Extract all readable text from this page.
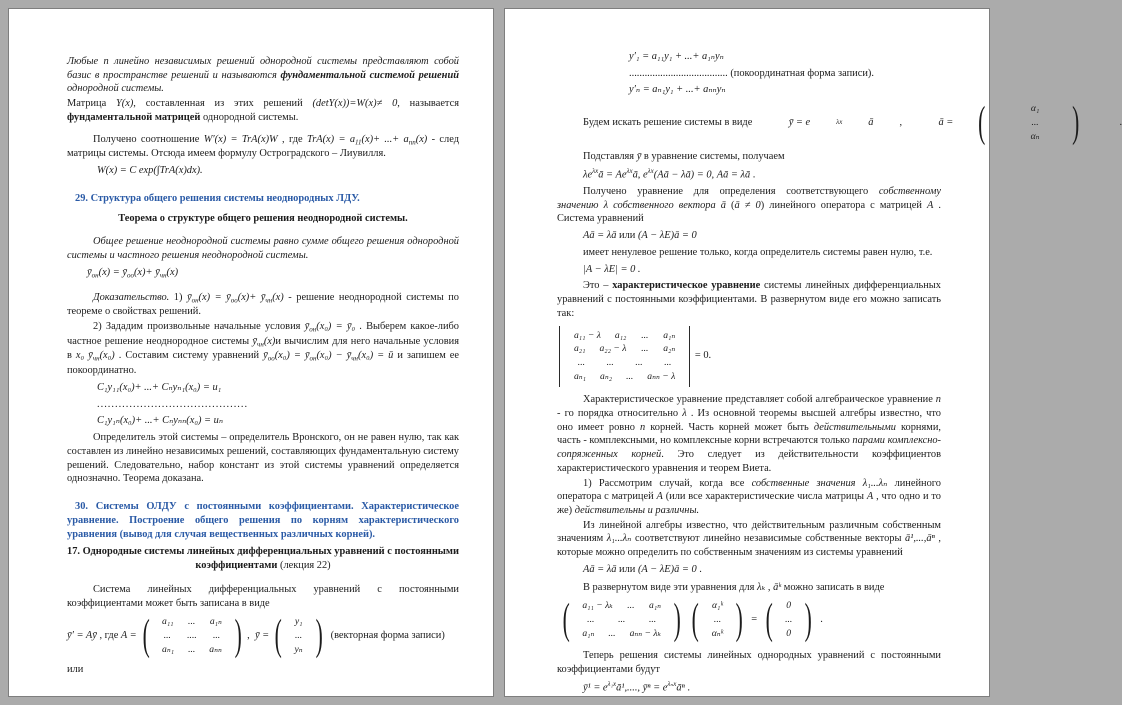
Любые n линейно независимых решений однородной системы представляют собой базис в пространстве решений и называются фундаментальной системой решений однородной системы.
Матрица Y(x), составленная из этих решений (detY(x))=W(x)≠ 0, называется фундаментальной матрицей однородной системы.
Получено соотношение W′(x) = TrA(x)W , где $TrA(x) = a_{11}(x)+$ ...+ $a_{nn}(x)$ - след матрицы системы. Отсюда имеем формулу Остроградского – Лиувилля.
W(x) = C exp(∫TrA(x)dx).
29. Структура общего решения системы неоднородных ЛДУ.
Теорема о структуре общего решения неоднородной системы.
Общее решение неоднородной системы равно сумме общего решения однородной системы и частного решения неоднородной системы.
$ȳ_{он}(x)$ = $ȳ_{оо}(x)+$ $ȳ_{чн}(x)$
Доказательство. 1) $ȳ_{он}(x)$ = $ȳ_{оо}(x)+$ $ȳ_{чн}(x)$ - решение неоднородной системы по теореме о свойствах решений.
2) Зададим произвольные начальные условия $ȳ_{он}(x_0)$ = ȳ₀ . Выберем какое-либо частное решение неоднородное системы $ȳ_{чн}(x)и$ вычислим для него начальные условия в x₀ $ȳ_{чн}(x_0)$ . Составим систему уравнений $ȳ_{оо}(x_0)$ = $ȳ_{он}(x_0)$ − $ȳ_{чн}(x_0)$ = ū и запишем ее покоординатно.
C₁y₁₁(x₀)+ ...+ Cₙyₙ₁(x₀) = u₁
..........................................
C₁y₁ₙ(x₀)+ ...+ Cₙyₙₙ(x₀) = uₙ
Определитель этой системы – определитель Вронского, он не равен нулю, так как составлен из линейно независимых решений, составляющих фундаментальную систему решений. Следовательно, набор констант из этой системы уравнений определяется однозначно. Теорема доказана.
30. Системы ОЛДУ с постоянными коэффициентами. Характеристическое уравнение. Построение общего решения по корням характеристического уравнения (вывод для случая вещественных различных корней).
17. Однородные системы линейных дифференциальных уравнений с постоянными коэффициентами (лекция 22)
Система линейных дифференциальных уравнений с постоянными коэффициентами может быть записана в виде
ȳ′ = Aȳ , где A = (	a₁₁	...	a₁ₙ
...	....	...
aₙ₁	...	aₙₙ ) , ȳ = (	y₁
...
yₙ ) (векторная форма записи)
или
y′₁ = a₁₁y₁ + ...+ a₁ₙyₙ
...................................... (покоординатная форма записи).
y′ₙ = aₙ₁y₁ + ...+ aₙₙyₙ
Будем искать решение системы в виде	ȳ = e	λx	ā	,	ā = (	α₁
...
αₙ )	.
Подставляя ȳ в уравнение системы, получаем
$\lambda e^{\lambda x}ā$ = $Ae^{\lambda x}ā$, $e^{\lambda x}(Aā$ − λā) = 0, Aā = λā .
Получено уравнение для определения соответствующего собственному значению λ собственного вектора ā (ā ≠ 0) линейного оператора с матрицей A . Система уравнений
Aā = λā или (A − λE)ā = 0
имеет ненулевое решение только, когда определитель системы равен нулю, т.е.
|A − λE| = 0 .
Это – характеристическое уравнение системы линейных дифференциальных уравнений с постоянными коэффициентами. В развернутом виде его можно записать так:
a₁₁ − λ	a₁₂	...	a₁ₙ
a₂₁	a₂₂ − λ	...	a₂ₙ
...	...	...	...
aₙ₁	aₙ₂	...	aₙₙ − λ
= 0.
Характеристическое уравнение представляет собой алгебраическое уравнение n - го порядка относительно λ . Из основной теоремы высшей алгебры известно, что оно имеет ровно n корней. Часть корней может быть действительными корнями, часть - комплексными, но комплексные корни встречаются только парами комплексно-сопряженных корней. Это следует из действительности коэффициентов характеристического уравнения и теорем Виета.
1) Рассмотрим случай, когда все собственные значения λ₁...λₙ линейного оператора с матрицей A (или все характеристические числа матрицы A , что одно и то же) действительны и различны.
Из линейной алгебры известно, что действительным различным собственным значениям λ₁...λₙ соответствуют линейно независимые собственные векторы ā¹,...,āⁿ , которые можно определить по собственным значениям из системы уравнений
Aā = λā или (A − λE)ā = 0 .
В развернутом виде эти уравнения для λₖ , āᵏ можно записать в виде
(	a₁₁ − λₖ	...	a₁ₙ
...	...	...
a₁ₙ	...	aₙₙ − λₖ ) (	α₁ᵏ
...
αₙᵏ ) = (	0
...
0 ) .
Теперь решения системы линейных однородных уравнений с постоянными коэффициентами будут
ȳ¹ = $e^{\lambda_1x}ā^1$,...., ȳⁿ = $e^{\lambda_nx}ā^n$ .
